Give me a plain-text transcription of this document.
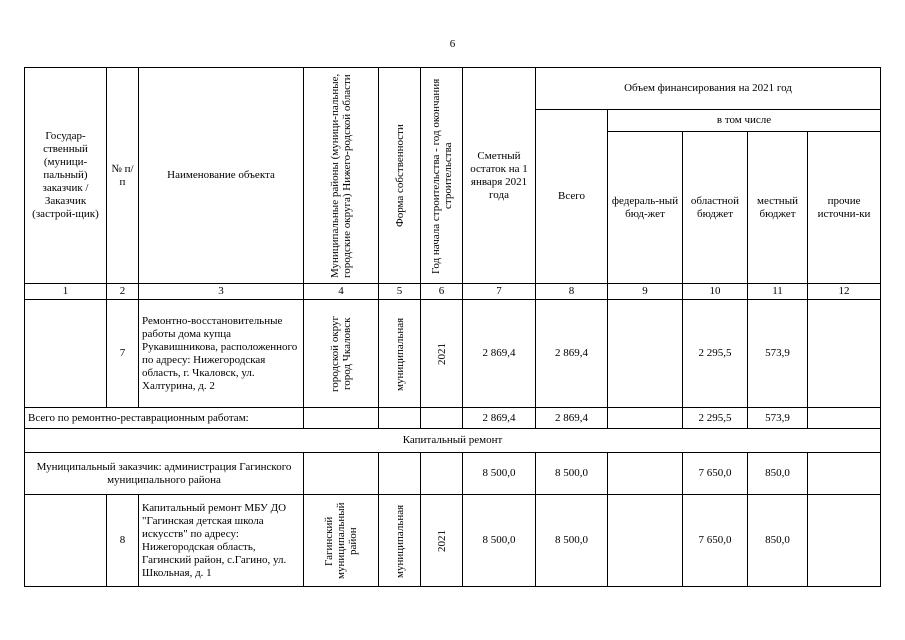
6
Государ-ственный (муници-пальный) заказчик / Заказчик (застрой-щик)	№ п/п	Наименование объекта	Муниципальные районы (муници-пальные, городские округа) Нижего-родской области	Форма собственности	Год начала строительства - год окончания строительства	Сметный остаток на 1 января 2021 года	Объем финансирования на 2021 год				
							Всего	в том числе			
								федераль-ный бюд-жет	областной бюджет	местный бюджет	прочие источни-ки
1	2	3	4	5	6	7	8	9	10	11	12
	7	Ремонтно-восстановительные работы дома купца Рукавишникова, расположенного по адресу: Нижегородская область, г. Чкаловск, ул. Халтурина, д. 2	городской округ город Чкаловск	муниципальная	2021	2 869,4	2 869,4		2 295,5	573,9	
Всего по ремонтно-реставрационным работам:						2 869,4	2 869,4		2 295,5	573,9	
Капитальный ремонт											
Муниципальный заказчик: администрация Гагинского муниципального района						8 500,0	8 500,0		7 650,0	850,0	
	8	Капитальный ремонт МБУ ДО "Гагинская детская школа искусств" по адресу: Нижегородская область, Гагинский район, с.Гагино, ул. Школьная, д. 1	Гагинский муниципальный район	муниципальная	2021	8 500,0	8 500,0		7 650,0	850,0	
